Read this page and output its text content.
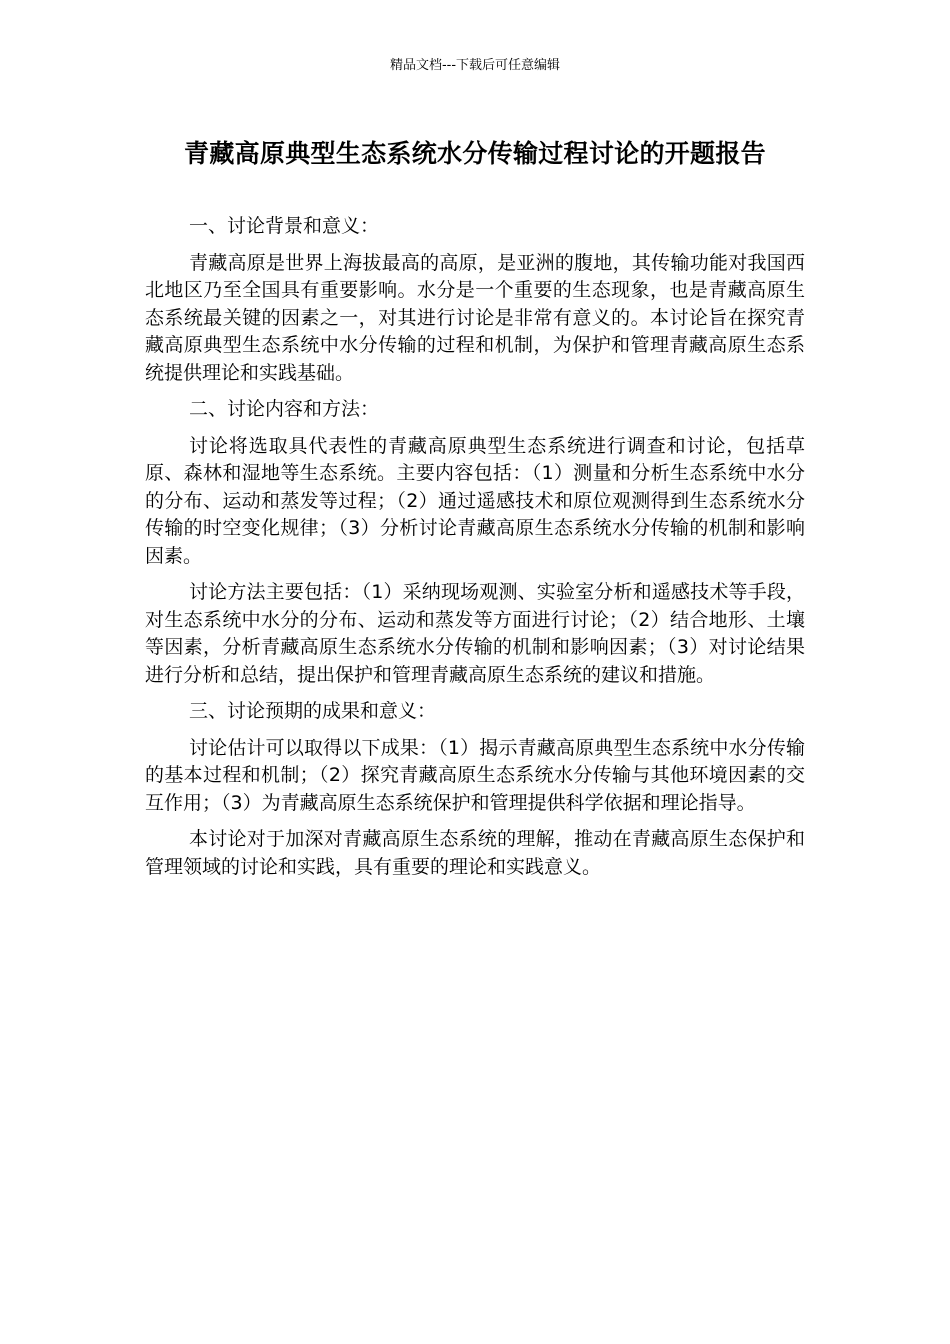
精品文档---下载后可任意编辑
青藏高原典型生态系统水分传输过程讨论的开题报告
一、讨论背景和意义：
青藏高原是世界上海拔最高的高原，是亚洲的腹地，其传输功能对我国西北地区乃至全国具有重要影响。水分是一个重要的生态现象，也是青藏高原生态系统最关键的因素之一，对其进行讨论是非常有意义的。本讨论旨在探究青藏高原典型生态系统中水分传输的过程和机制，为保护和管理青藏高原生态系统提供理论和实践基础。
二、讨论内容和方法：
讨论将选取具代表性的青藏高原典型生态系统进行调查和讨论，包括草原、森林和湿地等生态系统。主要内容包括：（1）测量和分析生态系统中水分的分布、运动和蒸发等过程；（2）通过遥感技术和原位观测得到生态系统水分传输的时空变化规律；（3）分析讨论青藏高原生态系统水分传输的机制和影响因素。
讨论方法主要包括：（1）采纳现场观测、实验室分析和遥感技术等手段，对生态系统中水分的分布、运动和蒸发等方面进行讨论；（2）结合地形、土壤等因素，分析青藏高原生态系统水分传输的机制和影响因素；（3）对讨论结果进行分析和总结，提出保护和管理青藏高原生态系统的建议和措施。
三、讨论预期的成果和意义：
讨论估计可以取得以下成果：（1）揭示青藏高原典型生态系统中水分传输的基本过程和机制；（2）探究青藏高原生态系统水分传输与其他环境因素的交互作用；（3）为青藏高原生态系统保护和管理提供科学依据和理论指导。
本讨论对于加深对青藏高原生态系统的理解，推动在青藏高原生态保护和管理领域的讨论和实践，具有重要的理论和实践意义。
